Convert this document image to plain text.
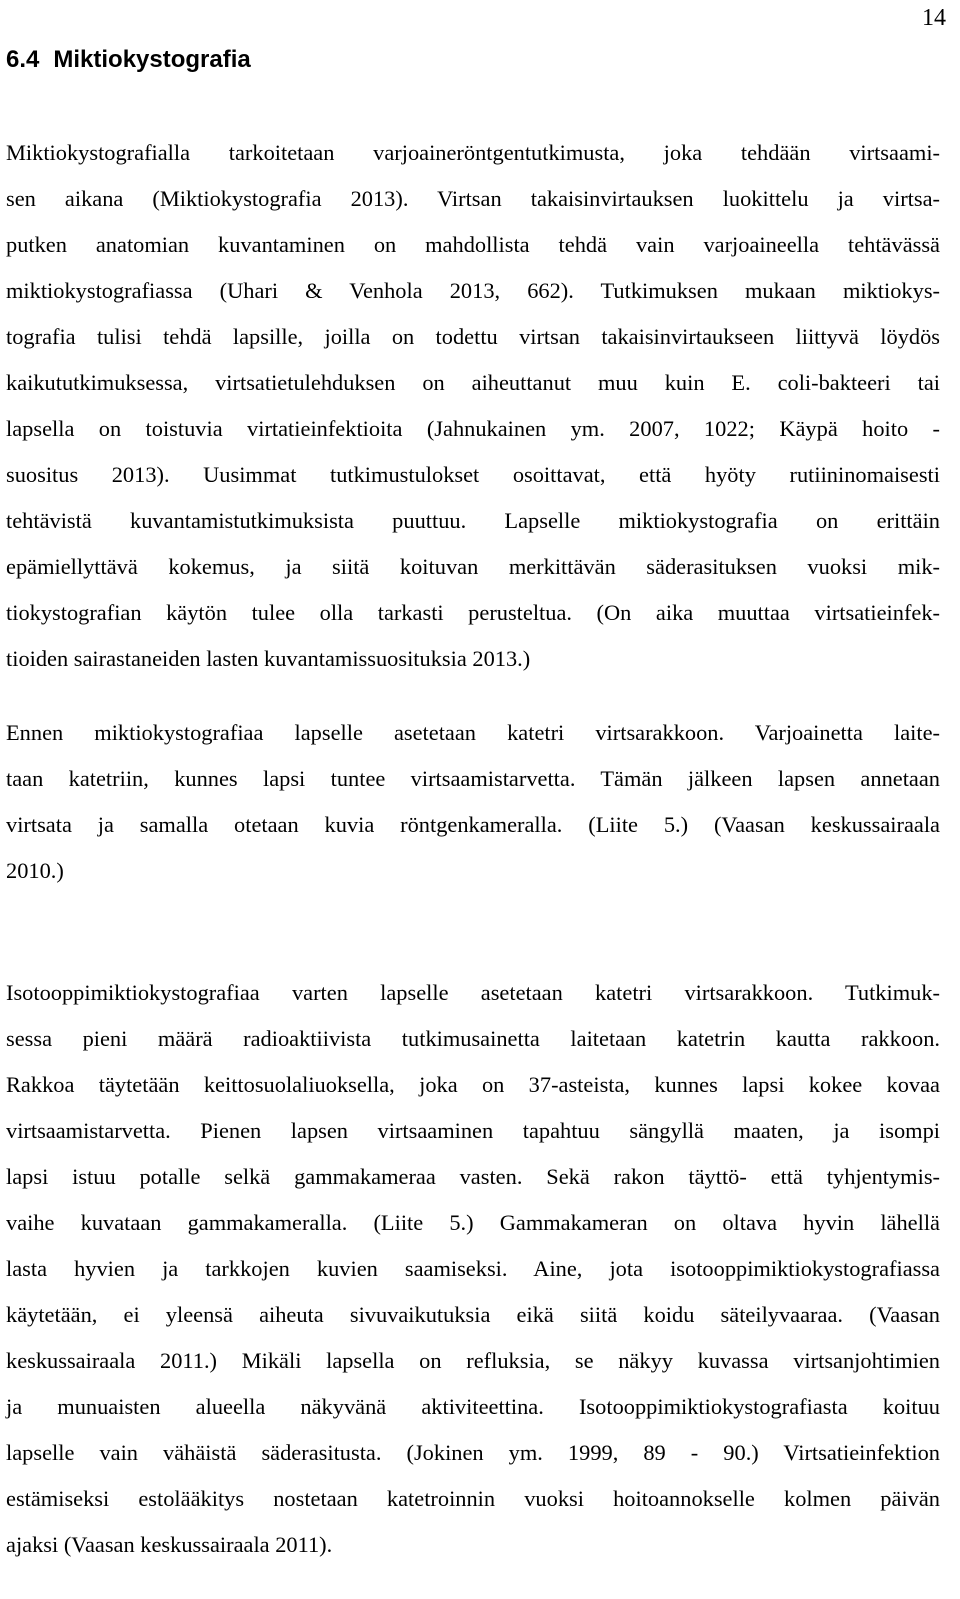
14
6.4 Miktiokystografia
Miktiokystografialla tarkoitetaan varjoaineröntgentutkimusta, joka tehdään virtsaami-
sen aikana (Miktiokystografia 2013). Virtsan takaisinvirtauksen luokittelu ja virtsa-
putken anatomian kuvantaminen on mahdollista tehdä vain varjoaineella tehtävässä
miktiokystografiassa (Uhari & Venhola 2013, 662). Tutkimuksen mukaan miktiokys-
tografia tulisi tehdä lapsille, joilla on todettu virtsan takaisinvirtaukseen liittyvä löydös
kaikututkimuksessa, virtsatietulehduksen on aiheuttanut muu kuin E. coli-bakteeri tai
lapsella on toistuvia virtatieinfektioita (Jahnukainen ym. 2007, 1022; Käypä hoito -
suositus 2013). Uusimmat tutkimustulokset osoittavat, että hyöty rutiininomaisesti
tehtävistä kuvantamistutkimuksista puuttuu. Lapselle miktiokystografia on erittäin
epämiellyttävä kokemus, ja siitä koituvan merkittävän säderasituksen vuoksi mik-
tiokystografian käytön tulee olla tarkasti perusteltua. (On aika muuttaa virtsatieinfek-
tioiden sairastaneiden lasten kuvantamissuosituksia 2013.)
Ennen miktiokystografiaa lapselle asetetaan katetri virtsarakkoon. Varjoainetta laite-
taan katetriin, kunnes lapsi tuntee virtsaamistarvetta. Tämän jälkeen lapsen annetaan
virtsata ja samalla otetaan kuvia röntgenkameralla. (Liite 5.) (Vaasan keskussairaala
2010.)
Isotooppimiktiokystografiaa varten lapselle asetetaan katetri virtsarakkoon. Tutkimuk-
sessa pieni määrä radioaktiivista tutkimusainetta laitetaan katetrin kautta rakkoon.
Rakkoa täytetään keittosuolaliuoksella, joka on 37-asteista, kunnes lapsi kokee kovaa
virtsaamistarvetta. Pienen lapsen virtsaaminen tapahtuu sängyllä maaten, ja isompi
lapsi istuu potalle selkä gammakameraa vasten. Sekä rakon täyttö- että tyhjentymis-
vaihe kuvataan gammakameralla. (Liite 5.) Gammakameran on oltava hyvin lähellä
lasta hyvien ja tarkkojen kuvien saamiseksi. Aine, jota isotooppimiktiokystografiassa
käytetään, ei yleensä aiheuta sivuvaikutuksia eikä siitä koidu säteilyvaaraa. (Vaasan
keskussairaala 2011.) Mikäli lapsella on refluksia, se näkyy kuvassa virtsanjohtimien
ja munuaisten alueella näkyvänä aktiviteettina. Isotooppimiktiokystografiasta koituu
lapselle vain vähäistä säderasitusta. (Jokinen ym. 1999, 89 - 90.) Virtsatieinfektion
estämiseksi estolääkitys nostetaan katetroinnin vuoksi hoitoannokselle kolmen päivän
ajaksi (Vaasan keskussairaala 2011).
